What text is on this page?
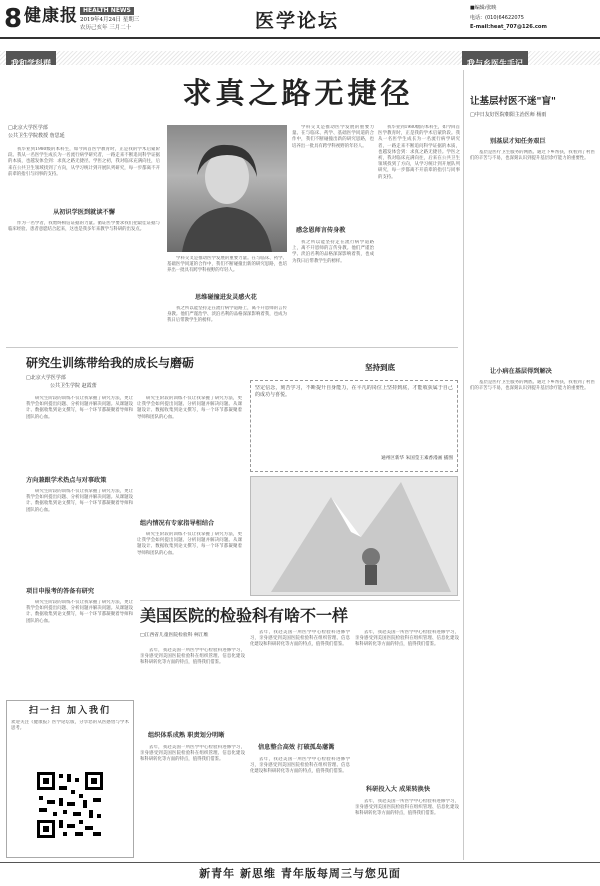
8 健康报 HEALTH NEWS
2019年4月24日 星期三
农历己亥年 三月二十	医学论坛
■编辑/张映
电话：(010)64622075
E-mail:heat_707@126.com
我和学科群	我与乡医生手记
求真之路无捷径
□北京大学医学部
公共卫生学院教授 詹思延

我毕业到1980级的本科生，如今回首医学教育时，正是我的学术启蒙阶段。我从一名医学生成长为一名流行病学研究者，一路走来不断追问科学证据的本质，也越发体会到：求真之路无捷径。学医之初，我对临床充满向往，后来在公共卫生领域找到了方向，从学习统计到开展队列研究，每一步都离不开前辈的指引与同事的支持。

从初识学医到就读不懈

作为一名学者，我始终相信证据的力量。循证医学要求我们把最佳证据与临床经验、患者意愿结合起来，这也是我多年来教学与科研的出发点。

学科交叉是推动医学发展的重要力量。在与临床、药学、基础医学同道的合作中，我们不断碰撞出新的研究思路，也培养出一批具有跨学科视野的年轻人。

思维碰撞进发灵感火花

我之所以能坚持走在流行病学道路上，离不开恩师的言传身教。他们严谨治学、淡泊名利的品格深深影响着我，也成为我日后带教学生的榜样。

学科交叉是推动医学发展的重要力量。在与临床、药学、基础医学同道的合作中，我们不断碰撞出新的研究思路，也培养出一批具有跨学科视野的年轻人。

感念恩师言传身教

我之所以能坚持走在流行病学道路上，离不开恩师的言传身教。他们严谨治学、淡泊名利的品格深深影响着我，也成为我日后带教学生的榜样。

我毕业到1980级的本科生，如今回首医学教育时，正是我的学术启蒙阶段。我从一名医学生成长为一名流行病学研究者，一路走来不断追问科学证据的本质，也越发体会到：求真之路无捷径。学医之初，我对临床充满向往，后来在公共卫生领域找到了方向，从学习统计到开展队列研究，每一步都离不开前辈的指引与同事的支持。

让基层村医不迷"盲"
□中日友好医院朝阳主治医师 杨雨
别基层才知任务艰巨

基层是医疗卫生服务的网底。通过下乡帮扶，我看到了村医们的辛苦与不易，也深刻认识到提升基层诊疗能力的重要性。

让小病在基层得到解决

基层是医疗卫生服务的网底。通过下乡帮扶，我看到了村医们的辛苦与不易，也深刻认识到提升基层诊疗能力的重要性。

研究生训练带给我的成长与磨砺
□北京大学医学部
公共卫生学院 赵霞蕾

研究生阶段的训练不仅让我掌握了研究方法，更让我学会如何提出问题、分析问题并解决问题。从课题设计、数据收集到论文撰写，每一个环节都凝聚着导师和团队的心血。

方向兼跟学术热点与对事政策

研究生阶段的训练不仅让我掌握了研究方法，更让我学会如何提出问题、分析问题并解决问题。从课题设计、数据收集到论文撰写，每一个环节都凝聚着导师和团队的心血。

项目申报考的答备有研究

研究生阶段的训练不仅让我掌握了研究方法，更让我学会如何提出问题、分析问题并解决问题。从课题设计、数据收集到论文撰写，每一个环节都凝聚着导师和团队的心血。

研究生阶段的训练不仅让我掌握了研究方法，更让我学会如何提出问题、分析问题并解决问题。从课题设计、数据收集到论文撰写，每一个环节都凝聚着导师和团队的心血。

组内情况有专家指导相结合

研究生阶段的训练不仅让我掌握了研究方法，更让我学会如何提出问题、分析问题并解决问题。从课题设计、数据收集到论文撰写，每一个环节都凝聚着导师和团队的心血。

坚持到底
坚定信念，刻苦学习，不断提升自身能力，在平凡的岗位上坚持到底，才能收获属于自己的成功与喜悦。
通州区新华 朱国莹王素香漫画 插图
美国医院的检验科有啥不一样
□江西省儿童医院检验科 柯江维

去年，我赴美国一所医学中心检验科进修学习，亲身感受到美国医院检验科在组织管理、信息化建设和科研转化等方面的特点，值得我们借鉴。

组织体系成熟 职责划分明晰

去年，我赴美国一所医学中心检验科进修学习，亲身感受到美国医院检验科在组织管理、信息化建设和科研转化等方面的特点，值得我们借鉴。

去年，我赴美国一所医学中心检验科进修学习，亲身感受到美国医院检验科在组织管理、信息化建设和科研转化等方面的特点，值得我们借鉴。

信息整合高效 打破孤岛藩篱

去年，我赴美国一所医学中心检验科进修学习，亲身感受到美国医院检验科在组织管理、信息化建设和科研转化等方面的特点，值得我们借鉴。

去年，我赴美国一所医学中心检验科进修学习，亲身感受到美国医院检验科在组织管理、信息化建设和科研转化等方面的特点，值得我们借鉴。

科研投入大 成果转换快

去年，我赴美国一所医学中心检验科进修学习，亲身感受到美国医院检验科在组织管理、信息化建设和科研转化等方面的特点，值得我们借鉴。

扫一扫 加入我们
欢迎关注《健康报》医学论坛版，分享您的从医感悟与学术思考。
新青年 新思维 青年版每周三与您见面
